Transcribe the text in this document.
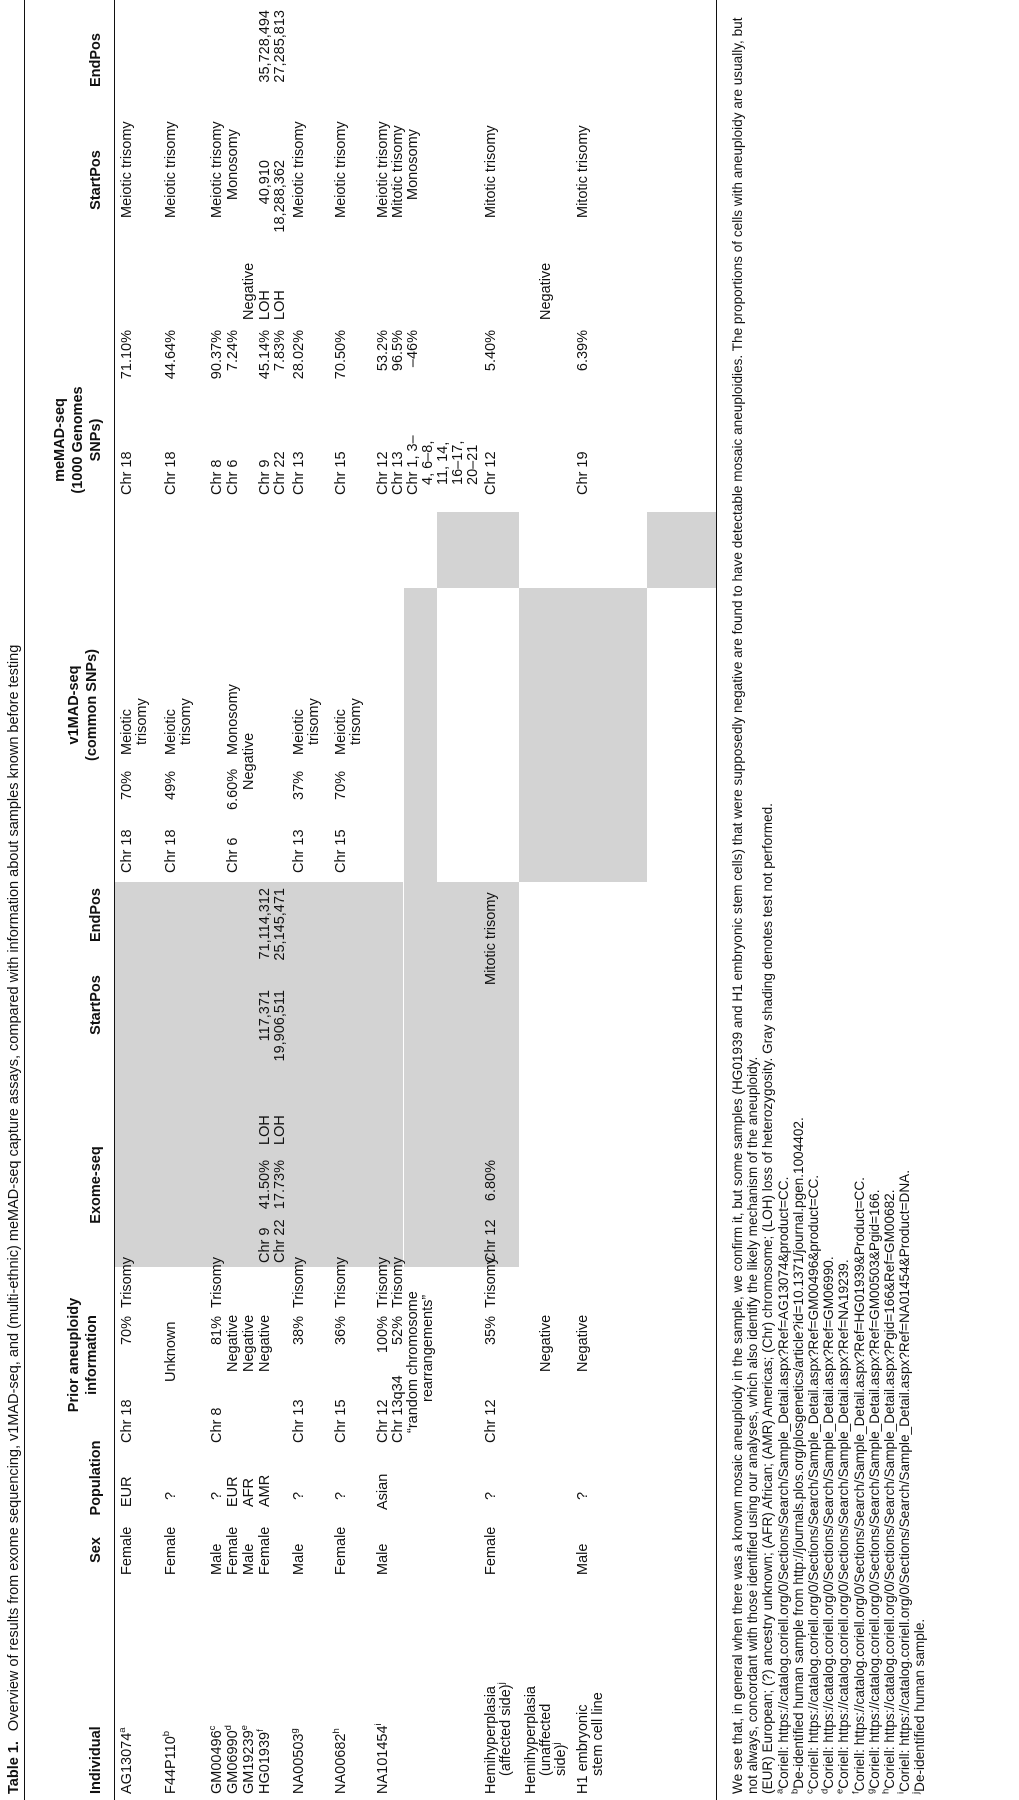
Table 1.Overview of results from exome sequencing, v1MAD-seq, and (multi-ethnic) meMAD-seq capture assays, compared with information about samples known before testing
Individual
Sex
Population
Prior aneuploidy information
Exome-seq
StartPos
EndPos
v1MAD-seq (common SNPs)
meMAD-seq (1000 Genomes SNPs)
StartPos
EndPos
AG13074$^a$
Female
EUR
Chr 18
70%
Trisomy
Chr 18
70%
Meiotic trisomy
Chr 18
71.10%
Meiotic trisomy
F44P110$^b$
Female
?
Unknown
Chr 18
49%
Meiotic trisomy
Chr 18
44.64%
Meiotic trisomy
GM00496$^c$
Male
?
Chr 8
81%
Trisomy
Chr 8
90.37%
Meiotic trisomy
GM06990$^d$
Female
EUR
Negative
Chr 6
6.60%
Monosomy
Chr 6
7.24%
Monosomy
GM19239e
Male
AFR
Negative
Negative
Negative
HG01939$^f$
Female
AMR
Negative
Chr 9
41.50%
LOH
117,371
71,114,312
Chr 22
17.73%
LOH
19,906,511
25,145,471
Chr 9
45.14%
LOH
40,910
35,728,494
Chr 22
7.83%
LOH
18,288,362
27,285,813
NA00503$^g$
Male
?
Chr 13
38%
Trisomy
Chr 13
37%
Meiotic trisomy
Chr 13
28.02%
Meiotic trisomy
NA00682$^h$
Female
?
Chr 15
36%
Trisomy
Chr 15
70%
Meiotic trisomy
Chr 15
70.50%
Meiotic trisomy
NA101454$^i$
Male
Asian
Chr 12
100%
Trisomy
Chr 13q34
52%
Trisomy
“random chromosome rearrangements”
Chr 12
53.2%
Meiotic trisomy
Chr 13
96.5%
Mitotic trisomy
Chr 1, 3– 4, 6–8, 11, 14, 16–17, 20–21
–46%
Monosomy
Hemihyperplasia (affected side)$^j$
Female
?
Chr 12
35%
Trisomy
Chr 12
6.80%
Mitotic trisomy
Chr 12
5.40%
Mitotic trisomy
Hemihyperplasia (unaffected side)$^j$
Negative
Negative
H1 embryonic stem cell line
Male
?
Negative
Chr 19
6.39%
Mitotic trisomy	We see that, in general when there was a known mosaic aneuploidy in the sample, we confirm it, but some samples (HG01939 and H1 embryonic stem cells) that were supposedly negative are found to have detectable mosaic aneuploidies. The proportions of cells with aneuploidy are usually, but not always, concordant with those identified using our analyses, which also identify the likely mechanism of the aneuploidy. (EUR) European; (?) ancestry unknown; (AFR) African; (AMR) Americas; (Chr) chromosome; (LOH) loss of heterozygosity. Gray shading denotes test not performed.

$^a$Coriell: https://catalog.coriell.org/0/Sections/Search/Sample_Detail.aspx?Ref=AG13074&product=CC.

$^b$De-identified human sample from http://journals.plos.org/plosgenetics/article?id=10.1371/journal.pgen.1004402.

$^c$Coriell: https://catalog.coriell.org/0/Sections/Search/Sample_Detail.aspx?Ref=GM00496&product=CC.

$^d$Coriell: https://catalog.coriell.org/0/Sections/Search/Sample_Detail.aspx?Ref=GM06990.

$^e$Coriell: https://catalog.coriell.org/0/Sections/Search/Sample_Detail.aspx?Ref=NA19239.

$^f$Coriell: https://catalog.coriell.org/0/Sections/Search/Sample_Detail.aspx?Ref=HG01939&Product=CC.

$^g$Coriell: https://catalog.coriell.org/0/Sections/Search/Sample_Detail.aspx?Ref=GM00503&Pgid=166.

$^h$Coriell: https://catalog.coriell.org/0/Sections/Search/Sample_Detail.aspx?Pgid=166&Ref=GM00682.

$^i$Coriell: https://catalog.coriell.org/0/Sections/Search/Sample_Detail.aspx?Ref=NA01454&Product=DNA.

$^j$De-identified human sample.
